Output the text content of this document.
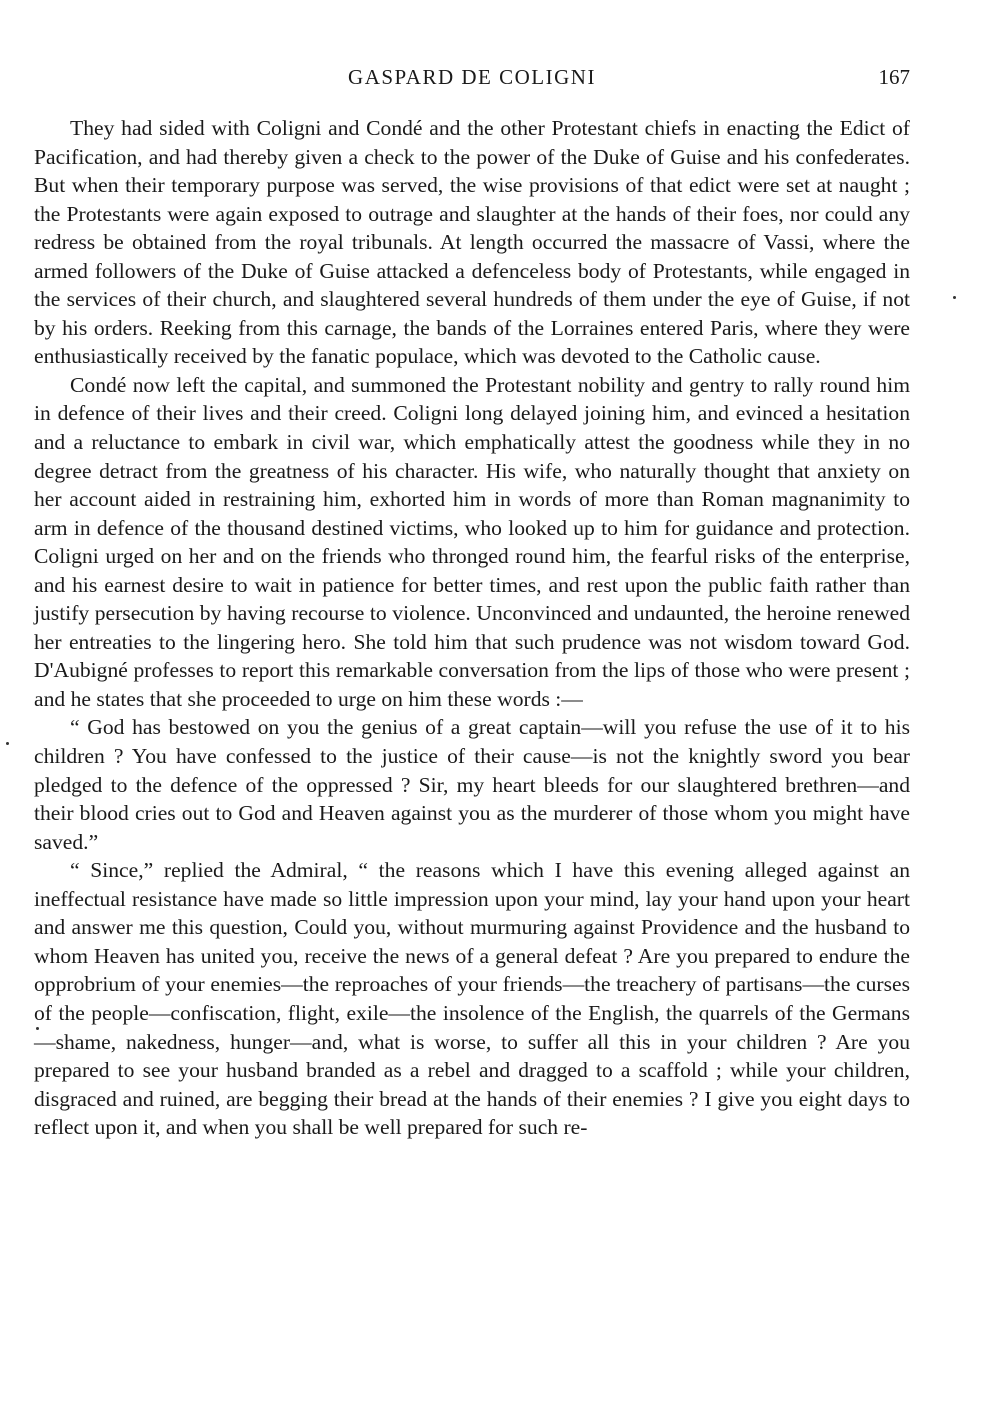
GASPARD DE COLIGNI	167

They had sided with Coligni and Condé and the other Protestant chiefs in enacting the Edict of Pacification, and had thereby given a check to the power of the Duke of Guise and his confederates. But when their temporary purpose was served, the wise provisions of that edict were set at naught ; the Protestants were again exposed to outrage and slaughter at the hands of their foes, nor could any redress be obtained from the royal tribunals. At length occurred the massacre of Vassi, where the armed followers of the Duke of Guise attacked a defenceless body of Protestants, while engaged in the services of their church, and slaughtered several hundreds of them under the eye of Guise, if not by his orders. Reeking from this carnage, the bands of the Lorraines entered Paris, where they were enthusiastically received by the fanatic populace, which was devoted to the Catholic cause.

Condé now left the capital, and summoned the Protestant nobility and gentry to rally round him in defence of their lives and their creed. Coligni long delayed joining him, and evinced a hesitation and a reluctance to embark in civil war, which emphatically attest the goodness while they in no degree detract from the greatness of his character. His wife, who naturally thought that anxiety on her account aided in restraining him, exhorted him in words of more than Roman magnanimity to arm in defence of the thousand destined victims, who looked up to him for guidance and protection. Coligni urged on her and on the friends who thronged round him, the fearful risks of the enterprise, and his earnest desire to wait in patience for better times, and rest upon the public faith rather than justify persecution by having recourse to violence. Unconvinced and undaunted, the heroine renewed her entreaties to the lingering hero. She told him that such prudence was not wisdom toward God. D'Aubigné professes to report this remarkable conversation from the lips of those who were present ; and he states that she proceeded to urge on him these words :—

“ God has bestowed on you the genius of a great captain—will you refuse the use of it to his children ? You have confessed to the justice of their cause—is not the knightly sword you bear pledged to the defence of the oppressed ? Sir, my heart bleeds for our slaughtered brethren—and their blood cries out to God and Heaven against you as the murderer of those whom you might have saved.”

“ Since,” replied the Admiral, “ the reasons which I have this evening alleged against an ineffectual resistance have made so little impression upon your mind, lay your hand upon your heart and answer me this question, Could you, without murmuring against Providence and the husband to whom Heaven has united you, receive the news of a general defeat ? Are you prepared to endure the opprobrium of your enemies—the reproaches of your friends—the treachery of partisans—the curses of the people—confiscation, flight, exile—the insolence of the English, the quarrels of the Germans—shame, nakedness, hunger—and, what is worse, to suffer all this in your children ? Are you prepared to see your husband branded as a rebel and dragged to a scaffold ; while your children, disgraced and ruined, are begging their bread at the hands of their enemies ? I give you eight days to reflect upon it, and when you shall be well prepared for such re-
